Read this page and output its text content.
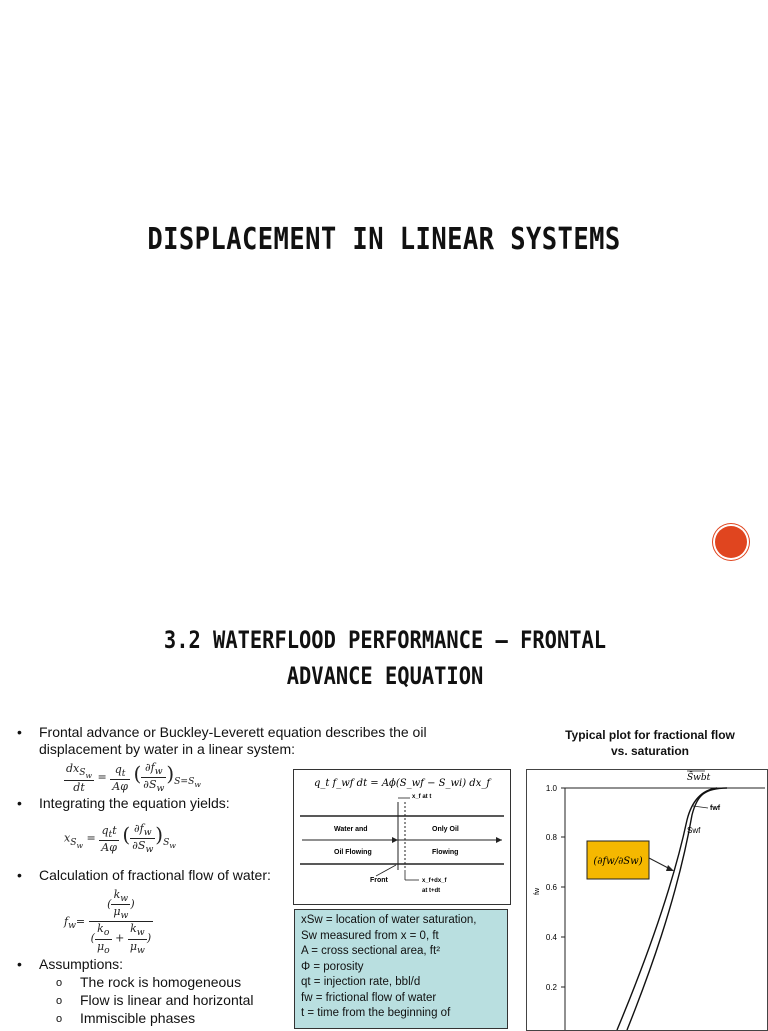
DISPLACEMENT IN LINEAR SYSTEMS
3.2 WATERFLOOD PERFORMANCE – FRONTAL ADVANCE EQUATION
• Frontal advance or Buckley-Leverett equation describes the oil displacement by water in a linear system:
• Integrating the equation yields:
• Calculation of fractional flow of water:
• Assumptions:
o The rock is homogeneous
o Flow is linear and horizontal
o Immiscible phases
$\frac{dx_{S_w}}{dt} = \frac{q_t}{A\varphi}$ ( $\frac{\partial f_w}{\partial S_w} )_{S=S_w}$
$x_{S_w} = \frac{q_tt}{A\varphi}$ ( $\frac{\partial f_w}{\partial S_w} )_{S_w}$
$f_w= \frac{( \frac{k_w}{\mu_w} )}{( \frac{k_o}{\mu_o} + \frac{k_w}{\mu_w} )}$
q_t f_wf dt = Aϕ(S_wf − S_wi) dx_f
Water and
Oil Flowing
Only Oil
Flowing
x_f at t
Front	x_f+dx_f
at t+dt
xSw = location of water saturation,
Sw measured from x = 0, ft
A = cross sectional area, ft²
Φ = porosity
qt = injection rate, bbl/d
fw = frictional flow of water
t = time from the beginning of
Typical plot for fractional flow vs. saturation
1.0
0.8
0.6
0.4
0.2
fw
S̄wbt
fwf
Swf
(∂fw/∂Sw)
